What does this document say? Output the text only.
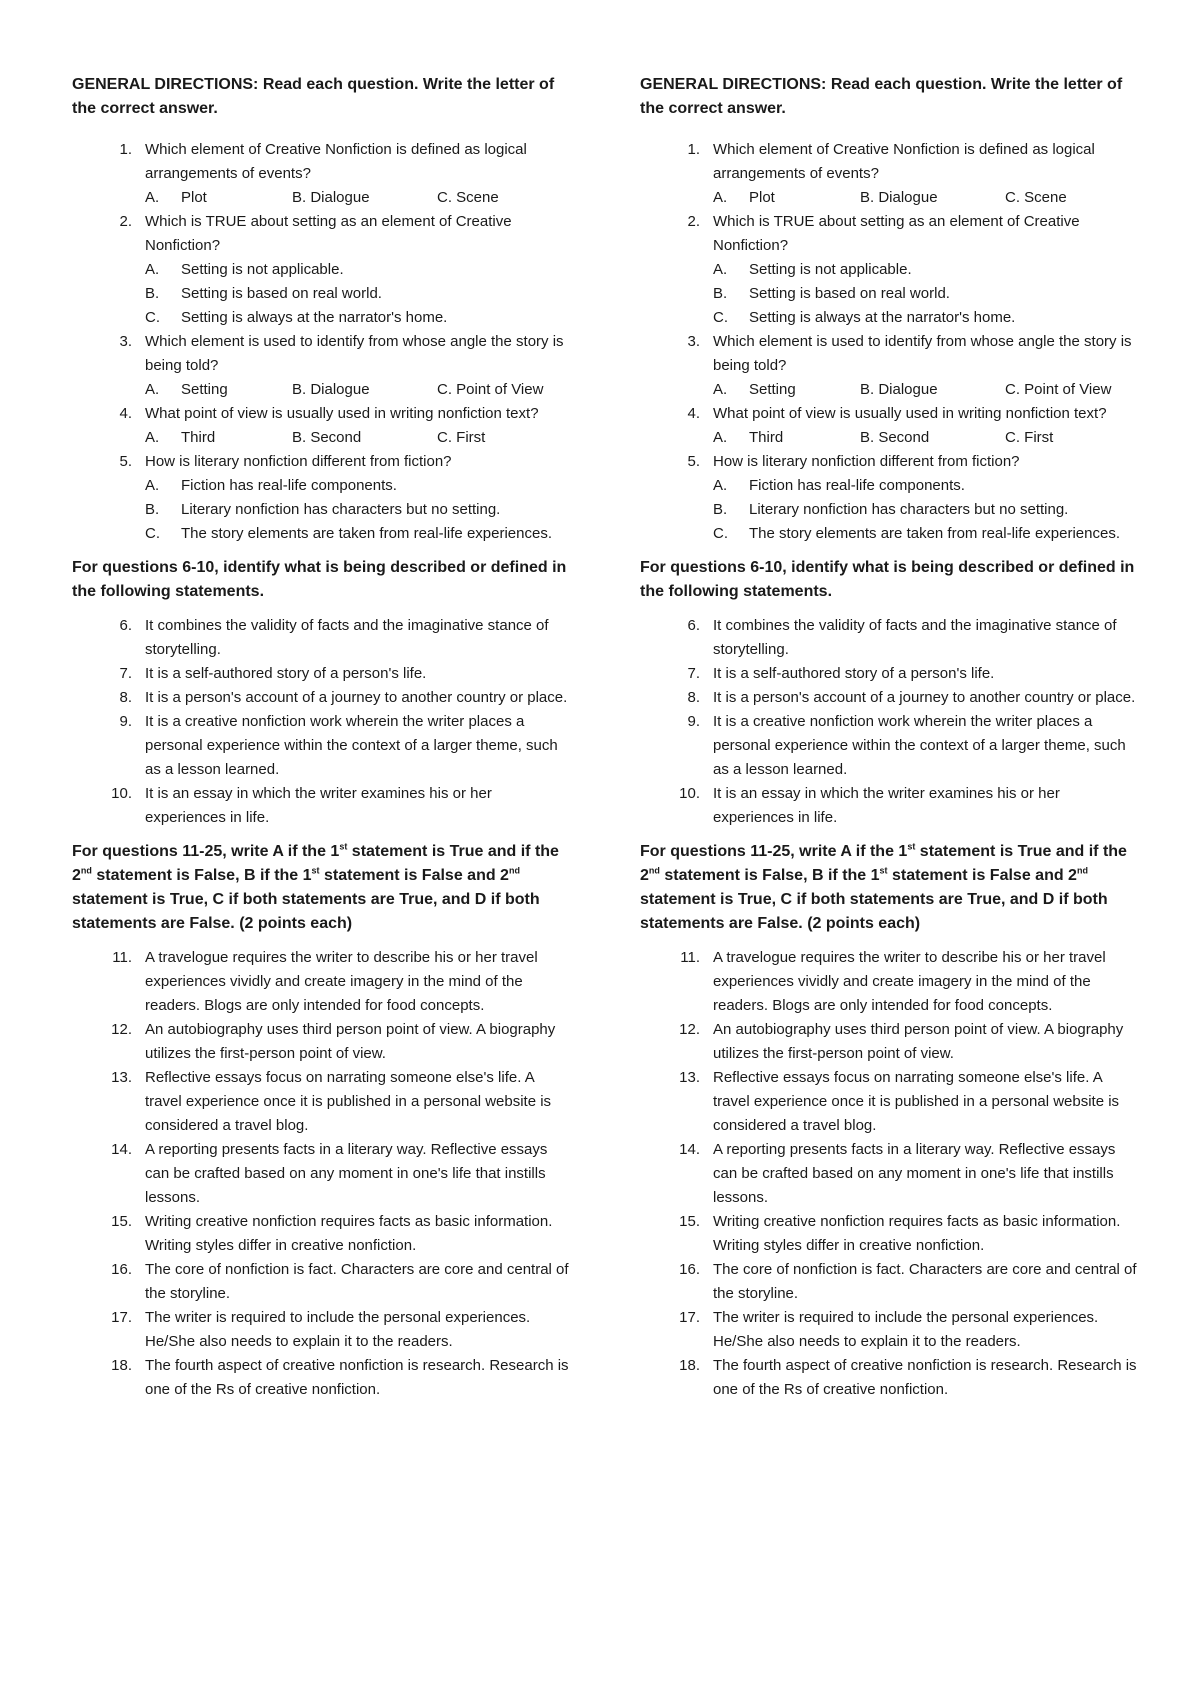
GENERAL DIRECTIONS: Read each question. Write the letter of the correct answer.

1. Which element of Creative Nonfiction is defined as logical arrangements of events?
A. Plot	B. Dialogue	C. Scene
2. Which is TRUE about setting as an element of Creative Nonfiction?
A. Setting is not applicable.
B. Setting is based on real world.
C. Setting is always at the narrator's home.
3. Which element is used to identify from whose angle the story is being told?
A. Setting	B. Dialogue	C. Point of View
4. What point of view is usually used in writing nonfiction text?
A. Third	B. Second	C. First
5. How is literary nonfiction different from fiction?
A. Fiction has real-life components.
B. Literary nonfiction has characters but no setting.
C. The story elements are taken from real-life experiences.

For questions 6-10, identify what is being described or defined in the following statements.

6. It combines the validity of facts and the imaginative stance of storytelling.
7. It is a self-authored story of a person's life.
8. It is a person's account of a journey to another country or place.
9. It is a creative nonfiction work wherein the writer places a personal experience within the context of a larger theme, such as a lesson learned.
10. It is an essay in which the writer examines his or her experiences in life.

For questions 11-25, write A if the 1st statement is True and if the 2nd statement is False, B if the 1st statement is False and 2nd statement is True, C if both statements are True, and D if both statements are False. (2 points each)

11. A travelogue requires the writer to describe his or her travel experiences vividly and create imagery in the mind of the readers. Blogs are only intended for food concepts.
12. An autobiography uses third person point of view. A biography utilizes the first-person point of view.
13. Reflective essays focus on narrating someone else's life. A travel experience once it is published in a personal website is considered a travel blog.
14. A reporting presents facts in a literary way. Reflective essays can be crafted based on any moment in one's life that instills lessons.
15. Writing creative nonfiction requires facts as basic information. Writing styles differ in creative nonfiction.
16. The core of nonfiction is fact. Characters are core and central of the storyline.
17. The writer is required to include the personal experiences. He/She also needs to explain it to the readers.
18. The fourth aspect of creative nonfiction is research. Research is one of the Rs of creative nonfiction.

GENERAL DIRECTIONS: Read each question. Write the letter of the correct answer.

1. Which element of Creative Nonfiction is defined as logical arrangements of events?
A. Plot	B. Dialogue	C. Scene
2. Which is TRUE about setting as an element of Creative Nonfiction?
A. Setting is not applicable.
B. Setting is based on real world.
C. Setting is always at the narrator's home.
3. Which element is used to identify from whose angle the story is being told?
A. Setting	B. Dialogue	C. Point of View
4. What point of view is usually used in writing nonfiction text?
A. Third	B. Second	C. First
5. How is literary nonfiction different from fiction?
A. Fiction has real-life components.
B. Literary nonfiction has characters but no setting.
C. The story elements are taken from real-life experiences.

For questions 6-10, identify what is being described or defined in the following statements.

6. It combines the validity of facts and the imaginative stance of storytelling.
7. It is a self-authored story of a person's life.
8. It is a person's account of a journey to another country or place.
9. It is a creative nonfiction work wherein the writer places a personal experience within the context of a larger theme, such as a lesson learned.
10. It is an essay in which the writer examines his or her experiences in life.

For questions 11-25, write A if the 1st statement is True and if the 2nd statement is False, B if the 1st statement is False and 2nd statement is True, C if both statements are True, and D if both statements are False. (2 points each)

11. A travelogue requires the writer to describe his or her travel experiences vividly and create imagery in the mind of the readers. Blogs are only intended for food concepts.
12. An autobiography uses third person point of view. A biography utilizes the first-person point of view.
13. Reflective essays focus on narrating someone else's life. A travel experience once it is published in a personal website is considered a travel blog.
14. A reporting presents facts in a literary way. Reflective essays can be crafted based on any moment in one's life that instills lessons.
15. Writing creative nonfiction requires facts as basic information. Writing styles differ in creative nonfiction.
16. The core of nonfiction is fact. Characters are core and central of the storyline.
17. The writer is required to include the personal experiences. He/She also needs to explain it to the readers.
18. The fourth aspect of creative nonfiction is research. Research is one of the Rs of creative nonfiction.
